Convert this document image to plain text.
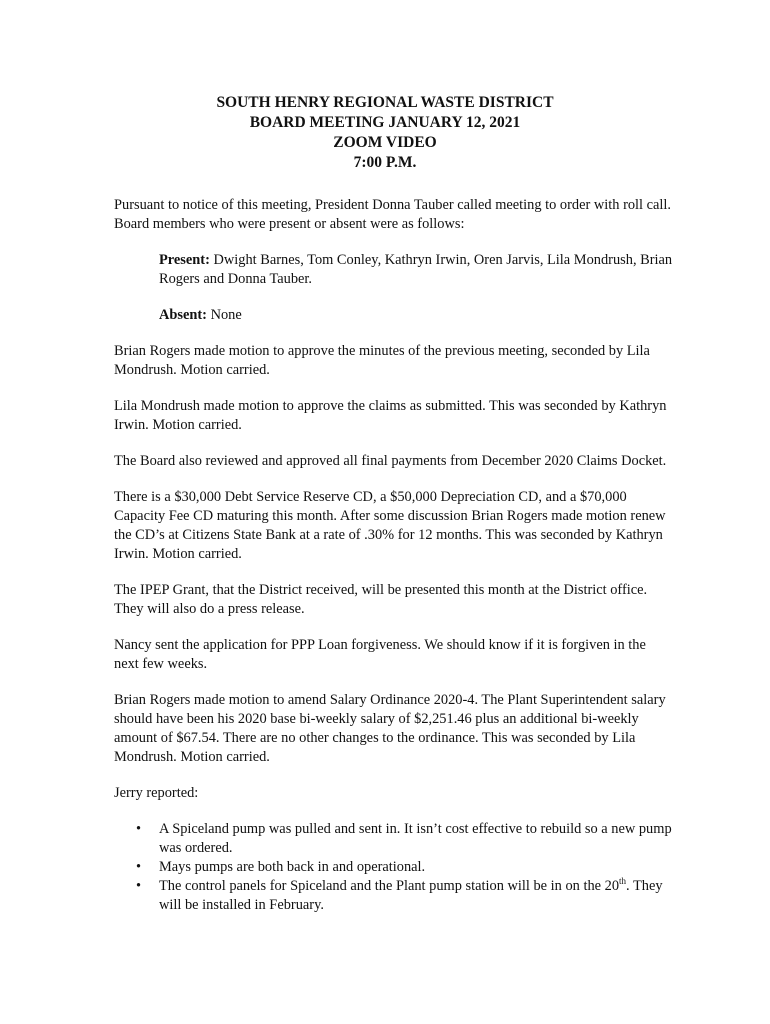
SOUTH HENRY REGIONAL WASTE DISTRICT
BOARD MEETING JANUARY 12, 2021
ZOOM VIDEO
7:00 P.M.

Pursuant to notice of this meeting, President Donna Tauber called meeting to order with roll call. Board members who were present or absent were as follows:

Present: Dwight Barnes, Tom Conley, Kathryn Irwin, Oren Jarvis, Lila Mondrush, Brian Rogers and Donna Tauber.

Absent: None

Brian Rogers made motion to approve the minutes of the previous meeting, seconded by Lila Mondrush. Motion carried.

Lila Mondrush made motion to approve the claims as submitted. This was seconded by Kathryn Irwin. Motion carried.

The Board also reviewed and approved all final payments from December 2020 Claims Docket.

There is a $30,000 Debt Service Reserve CD, a $50,000 Depreciation CD, and a $70,000 Capacity Fee CD maturing this month. After some discussion Brian Rogers made motion renew the CD’s at Citizens State Bank at a rate of .30% for 12 months. This was seconded by Kathryn Irwin. Motion carried.

The IPEP Grant, that the District received, will be presented this month at the District office. They will also do a press release.

Nancy sent the application for PPP Loan forgiveness. We should know if it is forgiven in the next few weeks.

Brian Rogers made motion to amend Salary Ordinance 2020-4. The Plant Superintendent salary should have been his 2020 base bi-weekly salary of $2,251.46 plus an additional bi-weekly amount of $67.54. There are no other changes to the ordinance. This was seconded by Lila Mondrush. Motion carried.

Jerry reported:

• A Spiceland pump was pulled and sent in. It isn’t cost effective to rebuild so a new pump was ordered.
• Mays pumps are both back in and operational.
• The control panels for Spiceland and the Plant pump station will be in on the 20th. They will be installed in February.
